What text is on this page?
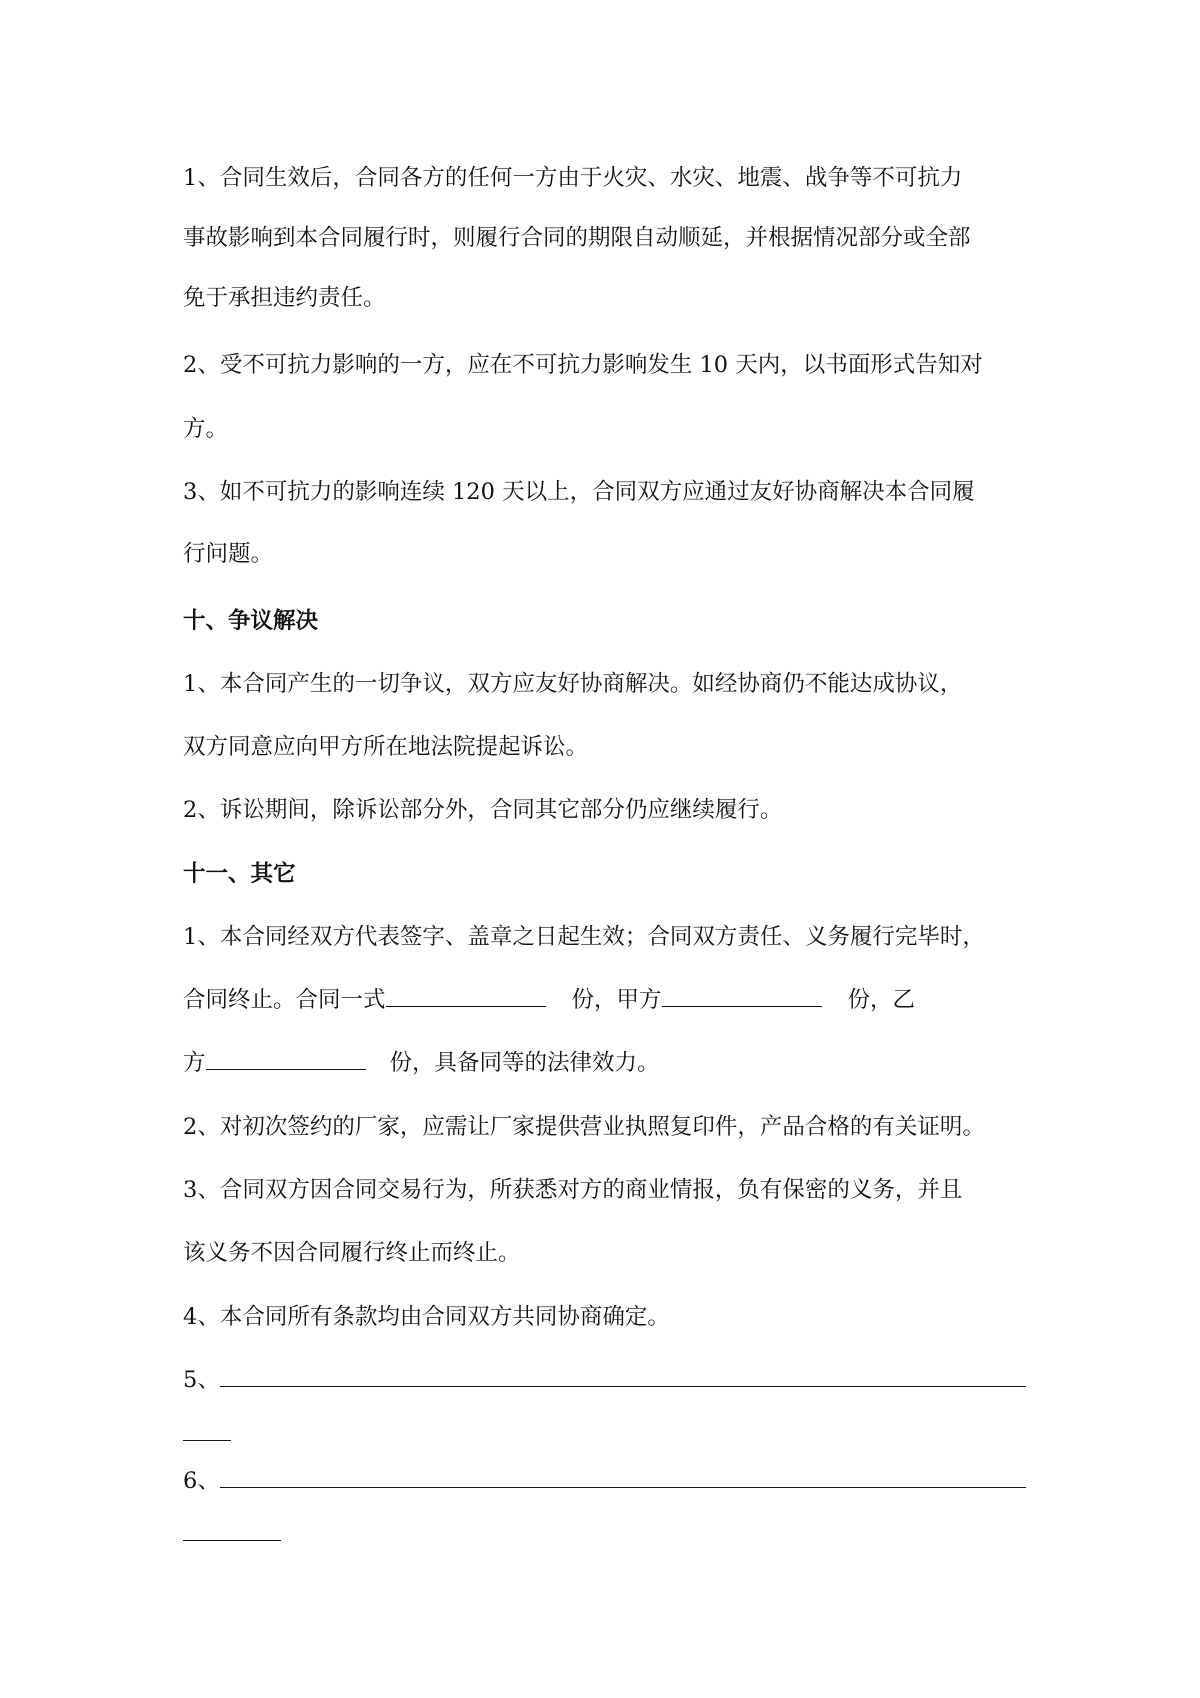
1、合同生效后，合同各方的任何一方由于火灾、水灾、地震、战争等不可抗力
事故影响到本合同履行时，则履行合同的期限自动顺延，并根据情况部分或全部
免于承担违约责任。
2、受不可抗力影响的一方，应在不可抗力影响发生 10 天内，以书面形式告知对
方。
3、如不可抗力的影响连续 120 天以上，合同双方应通过友好协商解决本合同履
行问题。
十、争议解决
1、本合同产生的一切争议，双方应友好协商解决。如经协商仍不能达成协议，
双方同意应向甲方所在地法院提起诉讼。
2、诉讼期间，除诉讼部分外，合同其它部分仍应继续履行。
十一、其它
1、本合同经双方代表签字、盖章之日起生效；合同双方责任、义务履行完毕时，
合同终止。合同一式	份，甲方	份，乙
方	份，具备同等的法律效力。
2、对初次签约的厂家，应需让厂家提供营业执照复印件，产品合格的有关证明。
3、合同双方因合同交易行为，所获悉对方的商业情报，负有保密的义务，并且
该义务不因合同履行终止而终止。
4、本合同所有条款均由合同双方共同协商确定。
5、
6、
